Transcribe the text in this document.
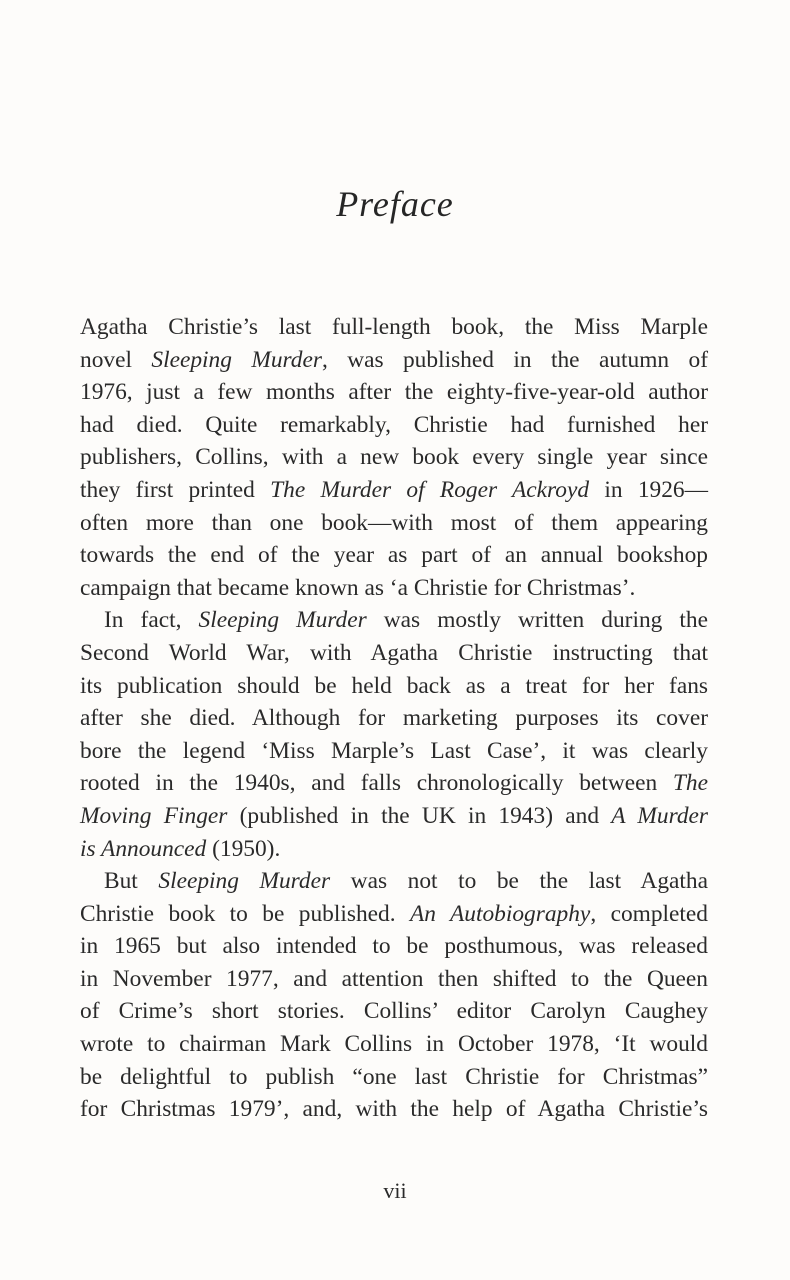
Preface
Agatha Christie’s last full-length book, the Miss Marple
novel Sleeping Murder, was published in the autumn of
1976, just a few months after the eighty-five-year-old author
had died. Quite remarkably, Christie had furnished her
publishers, Collins, with a new book every single year since
they first printed The Murder of Roger Ackroyd in 1926—
often more than one book—with most of them appearing
towards the end of the year as part of an annual bookshop
campaign that became known as ‘a Christie for Christmas’.
In fact, Sleeping Murder was mostly written during the
Second World War, with Agatha Christie instructing that
its publication should be held back as a treat for her fans
after she died. Although for marketing purposes its cover
bore the legend ‘Miss Marple’s Last Case’, it was clearly
rooted in the 1940s, and falls chronologically between The
Moving Finger (published in the UK in 1943) and A Murder
is Announced (1950).
But Sleeping Murder was not to be the last Agatha
Christie book to be published. An Autobiography, completed
in 1965 but also intended to be posthumous, was released
in November 1977, and attention then shifted to the Queen
of Crime’s short stories. Collins’ editor Carolyn Caughey
wrote to chairman Mark Collins in October 1978, ‘It would
be delightful to publish “one last Christie for Christmas”
for Christmas 1979’, and, with the help of Agatha Christie’s
vii
